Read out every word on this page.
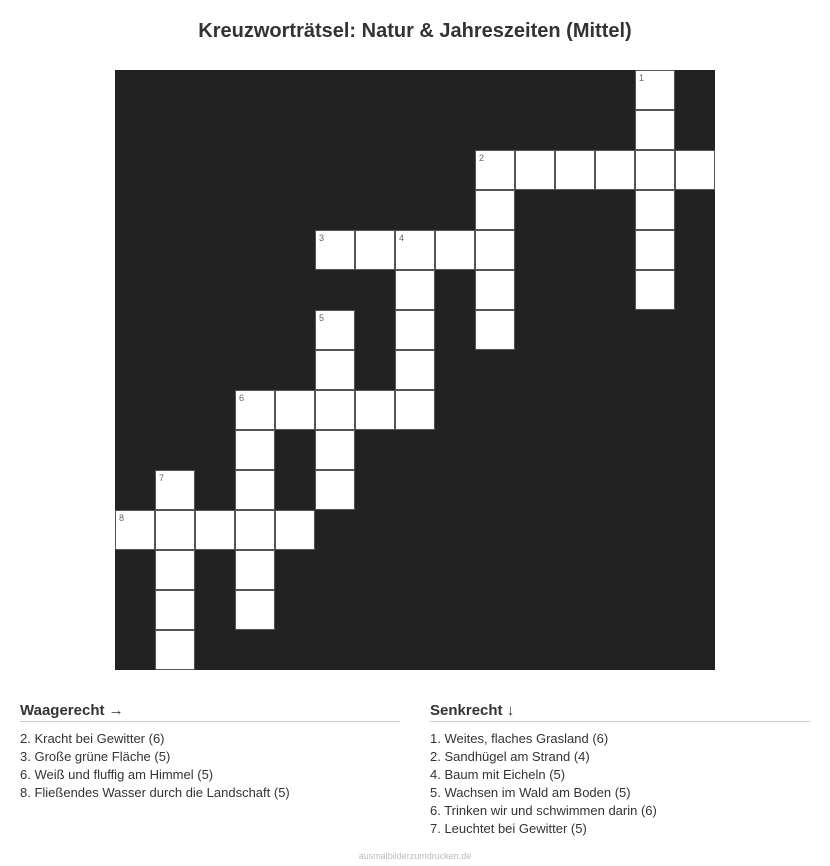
Kreuzworträtsel: Natur & Jahreszeiten (Mittel)
1
2
3	4
5
6
7
8
Waagerecht →
2. Kracht bei Gewitter (6)
3. Große grüne Fläche (5)
6. Weiß und fluffig am Himmel (5)
8. Fließendes Wasser durch die Landschaft (5)
Senkrecht ↓
1. Weites, flaches Grasland (6)
2. Sandhügel am Strand (4)
4. Baum mit Eicheln (5)
5. Wachsen im Wald am Boden (5)
6. Trinken wir und schwimmen darin (6)
7. Leuchtet bei Gewitter (5)
ausmalbilderzumdrucken.de
